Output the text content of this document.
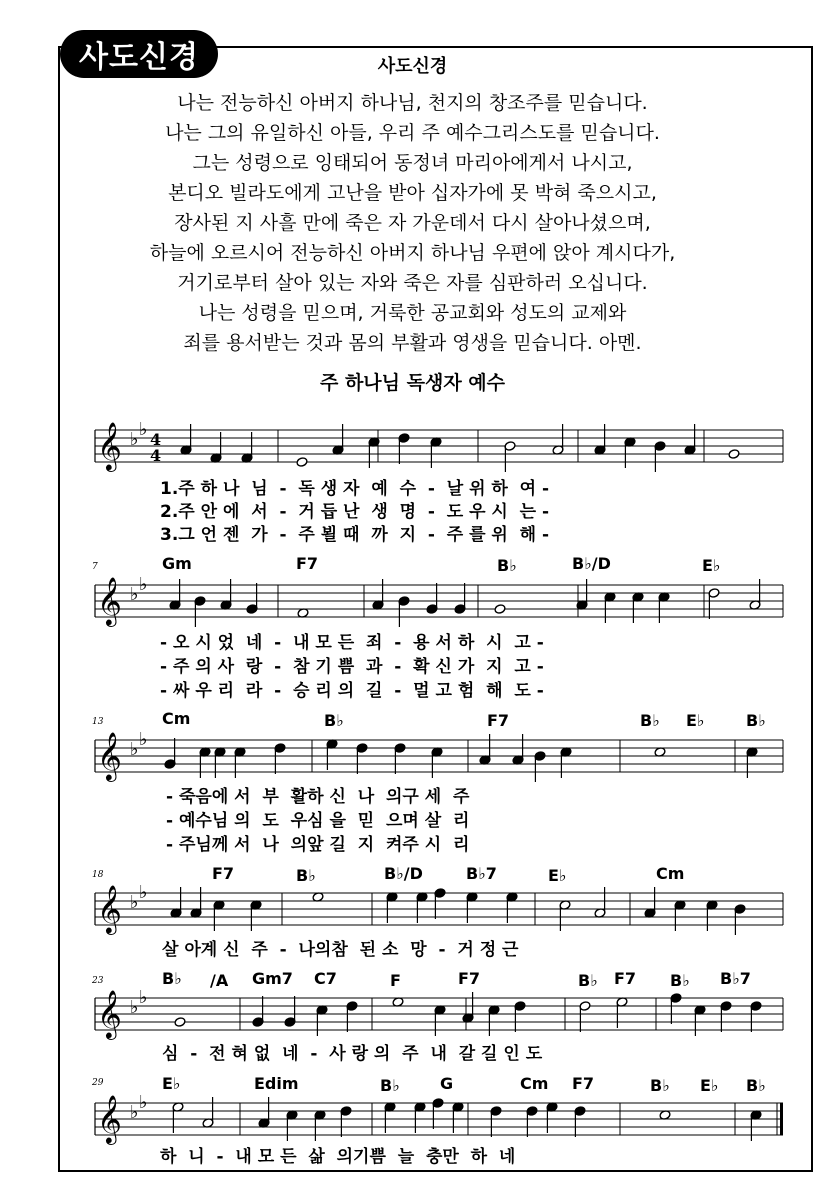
사도신경	사도신경
나는 전능하신 아버지 하나님, 천지의 창조주를 믿습니다.
나는 그의 유일하신 아들, 우리 주 예수그리스도를 믿습니다.
그는 성령으로 잉태되어 동정녀 마리아에게서 나시고,
본디오 빌라도에게 고난을 받아 십자가에 못 박혀 죽으시고,
장사된 지 사흘 만에 죽은 자 가운데서 다시 살아나셨으며,
하늘에 오르시어 전능하신 아버지 하나님 우편에 앉아 계시다가,
거기로부터 살아 있는 자와 죽은 자를 심판하러 오십니다.
나는 성령을 믿으며, 거룩한 공교회와 성도의 교제와
죄를 용서받는 것과 몸의 부활과 영생을 믿습니다. 아멘.
주 하나님 독생자 예수
𝄞 ♭ ♭ 4
4
𝄞 ♭ ♭
𝄞 ♭ ♭
𝄞 ♭ ♭
𝄞 ♭ ♭
𝄞 ♭ ♭
7
13
18
23
29
1.주 하 나  님  -  독 생 자  예  수  -  날 위 하  여 -
2.주 안 에  서  -  거 듭 난  생  명  -  도 우 시  는 -
3.그 언 젠  가  -  주 뵐 때  까  지  -  주 를 위  해 -
Gm	F7	B♭	B♭/D	E♭
- 오 시 었  네  -  내 모 든  죄  -  용 서 하  시  고 -
- 주 의 사  랑  -  참 기 쁨  과  -  확 신 가  지  고 -
- 싸 우 리  라  -  승 리 의  길  -  멀 고 험  해  도 -
Cm	B♭	F7	B♭ E♭	B♭
- 죽음에 서  부  활하 신  나  의구 세  주
- 예수님 의  도  우심 을  믿  으며 살  리
- 주님께 서  나  의앞 길  지  켜주 시  리
F7	B♭	B♭/D	B♭7	E♭	Cm
살 아계 신  주  -  나의참  된 소  망  -  거 정 근
B♭ /A Gm7 C7	F	F7	B♭ F7 B♭ B♭7
심  -  전 혀 없  네  -  사 랑 의  주  내  갈 길 인 도
E♭	Edim	B♭	G	Cm F7	B♭ E♭ B♭
하  니  -  내 모 든  삶  의기쁨  늘  충만  하  네
